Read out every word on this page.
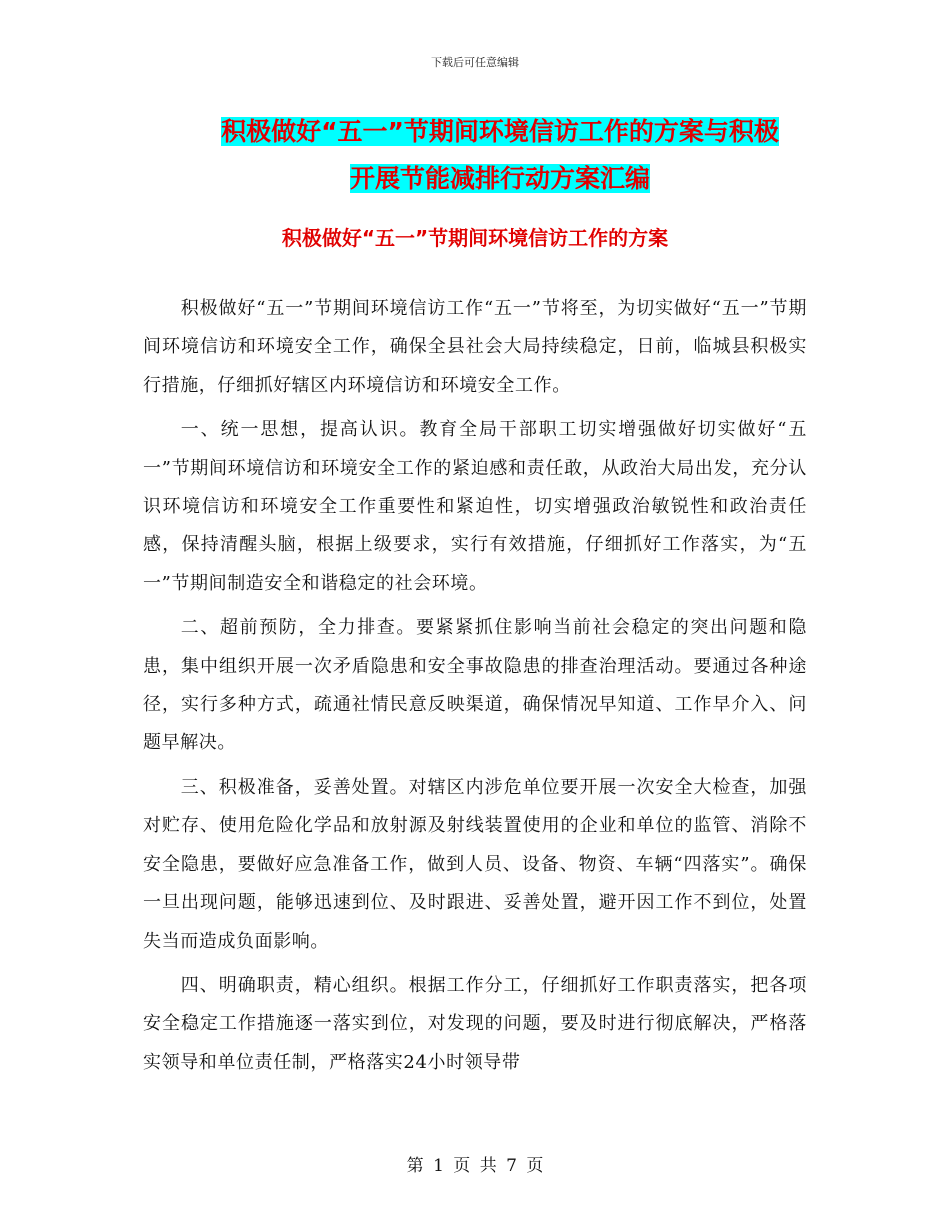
下载后可任意编辑
积极做好“五一”节期间环境信访工作的方案与积极
开展节能减排行动方案汇编
积极做好“五一”节期间环境信访工作的方案

积极做好“五一”节期间环境信访工作“五一”节将至，为切实做好“五一”节期间环境信访和环境安全工作，确保全县社会大局持续稳定，日前，临城县积极实行措施，仔细抓好辖区内环境信访和环境安全工作。

一、统一思想，提高认识。教育全局干部职工切实增强做好切实做好“五一”节期间环境信访和环境安全工作的紧迫感和责任敢，从政治大局出发，充分认识环境信访和环境安全工作重要性和紧迫性，切实增强政治敏锐性和政治责任感，保持清醒头脑，根据上级要求，实行有效措施，仔细抓好工作落实，为“五一”节期间制造安全和谐稳定的社会环境。

二、超前预防，全力排查。要紧紧抓住影响当前社会稳定的突出问题和隐患，集中组织开展一次矛盾隐患和安全事故隐患的排查治理活动。要通过各种途径，实行多种方式，疏通社情民意反映渠道，确保情况早知道、工作早介入、问题早解决。

三、积极准备，妥善处置。对辖区内涉危单位要开展一次安全大检查，加强对贮存、使用危险化学品和放射源及射线装置使用的企业和单位的监管、消除不安全隐患，要做好应急准备工作，做到人员、设备、物资、车辆“四落实”。确保一旦出现问题，能够迅速到位、及时跟进、妥善处置，避开因工作不到位，处置失当而造成负面影响。

四、明确职责，精心组织。根据工作分工，仔细抓好工作职责落实，把各项安全稳定工作措施逐一落实到位，对发现的问题，要及时进行彻底解决，严格落实领导和单位责任制，严格落实24小时领导带

第 1 页 共 7 页
